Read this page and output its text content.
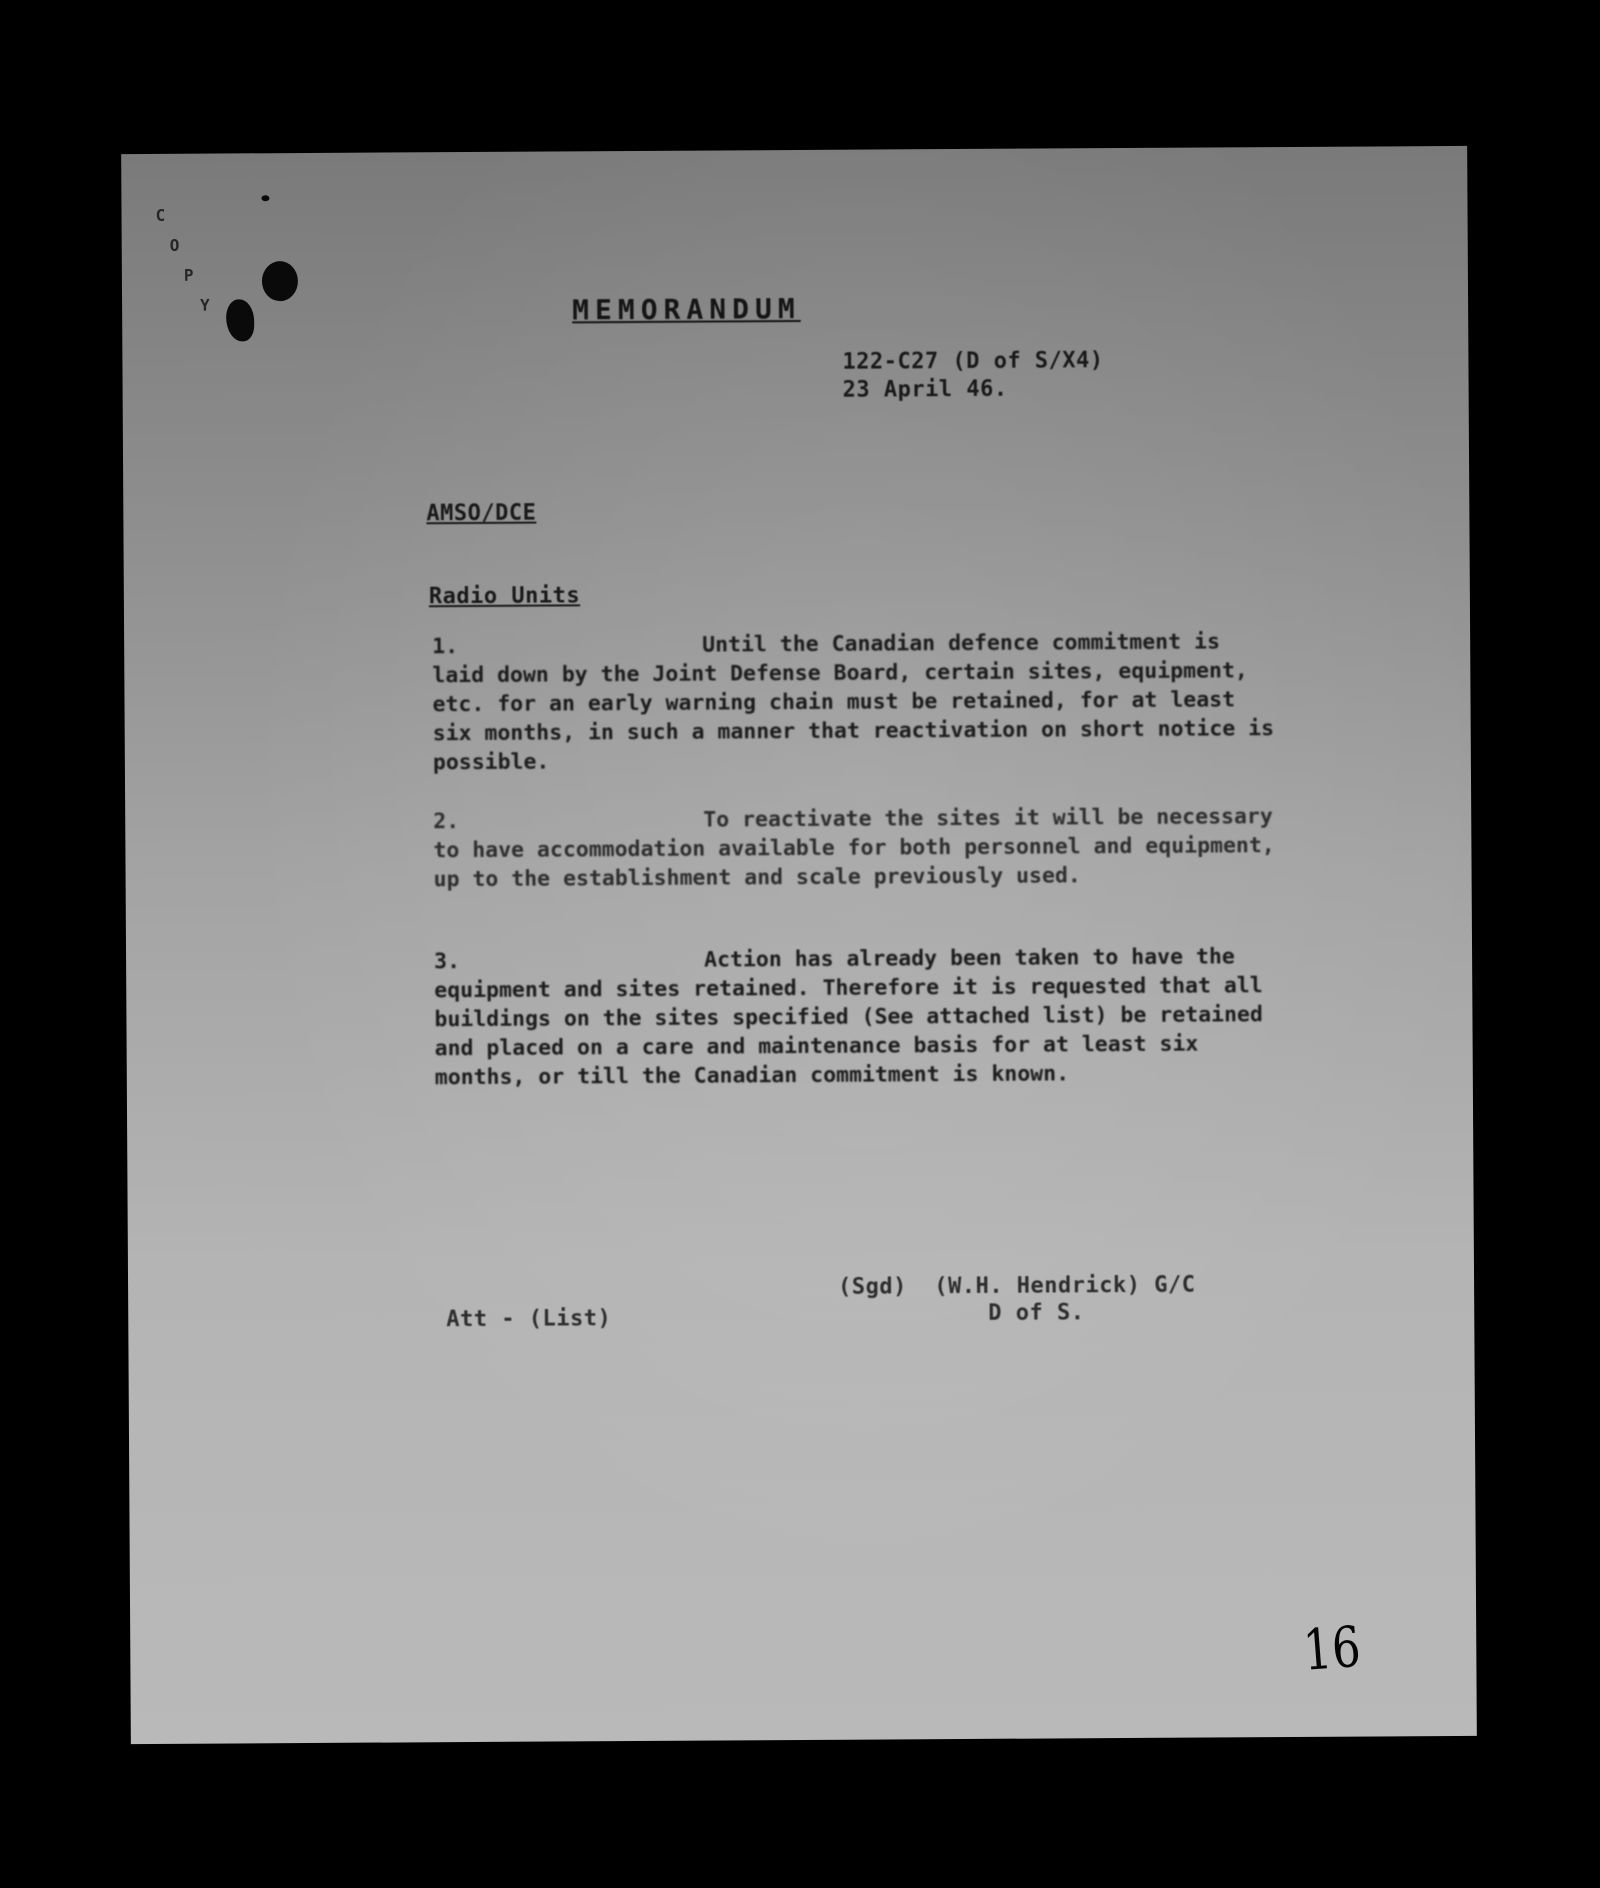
C
O
P
Y	MEMORANDUM
122-C27 (D of S/X4)
23 April 46.
AMSO/DCE
Radio Units
1.	Until the Canadian defence commitment is laid down by the Joint Defense Board, certain sites, equipment, etc. for an early warning chain must be retained, for at least six months, in such a manner that reactivation on short notice is possible.
2.	To reactivate the sites it will be necessary to have accommodation available for both personnel and equipment, up to the establishment and scale previously used.
3.	Action has already been taken to have the equipment and sites retained. Therefore it is requested that all buildings on the sites specified (See attached list) be retained and placed on a care and maintenance basis for at least six months, or till the Canadian commitment is known.
(Sgd)  (W.H. Hendrick) G/C
D of S.
Att - (List)
16
